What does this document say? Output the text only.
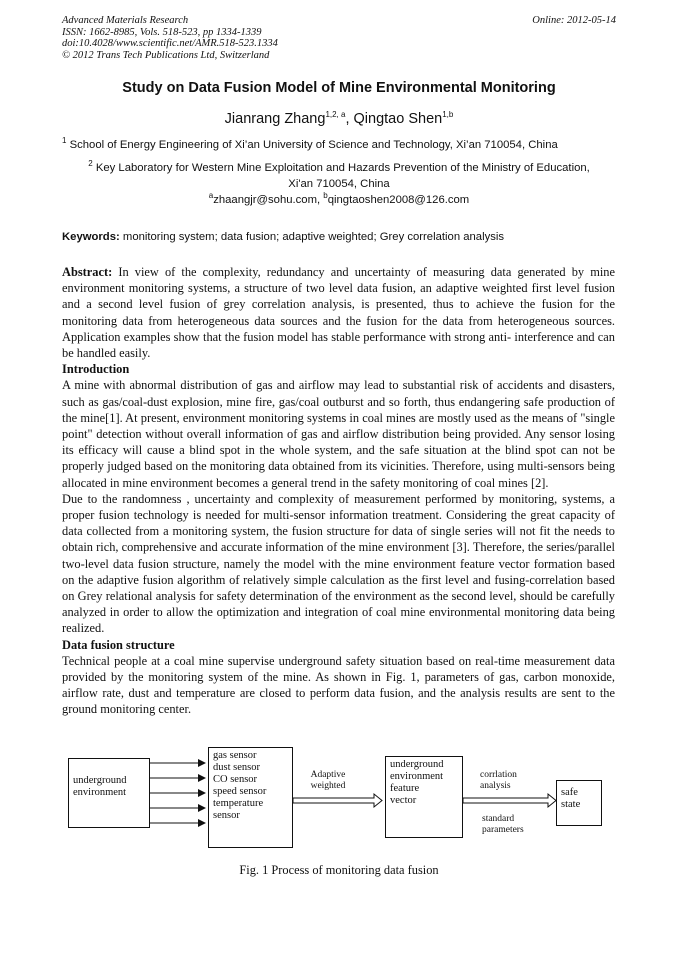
Advanced Materials Research
ISSN: 1662-8985, Vols. 518-523, pp 1334-1339
doi:10.4028/www.scientific.net/AMR.518-523.1334
© 2012 Trans Tech Publications Ltd, Switzerland
Online: 2012-05-14
Study on Data Fusion Model of Mine Environmental Monitoring
Jianrang Zhang$^{1,2, a}$, Qingtao Shen$^{1,b}$
$^1$ School of Energy Engineering of Xi’an University of Science and Technology, Xi’an 710054, China
$^2$ Key Laboratory for Western Mine Exploitation and Hazards Prevention of the Ministry of Education,
Xi'an 710054, China
$^a$zhaangjr@sohu.com, $^b$qingtaoshen2008@126.com
Keywords: monitoring system; data fusion; adaptive weighted; Grey correlation analysis

Abstract: In view of the complexity, redundancy and uncertainty of measuring data generated by mine environment monitoring systems, a structure of two level data fusion, an adaptive weighted first level fusion and a second level fusion of grey correlation analysis, is presented, thus to achieve the fusion for the monitoring data from heterogeneous data sources and the fusion for the data from heterogeneous sources. Application examples show that the fusion model has stable performance with strong anti- interference and can be handled easily.

Introduction

A mine with abnormal distribution of gas and airflow may lead to substantial risk of accidents and disasters, such as gas/coal-dust explosion, mine fire, gas/coal outburst and so forth, thus endangering safe production of the mine[1]. At present, environment monitoring systems in coal mines are mostly used as the means of "single point" detection without overall information of gas and airflow distribution being provided. Any sensor losing its efficacy will cause a blind spot in the whole system, and the safe situation at the blind spot can not be properly judged based on the monitoring data obtained from its vicinities. Therefore, using multi-sensors being allocated in mine environment becomes a general trend in the safety monitoring of coal mines [2].

Due to the randomness , uncertainty and complexity of measurement performed by monitoring, systems, a proper fusion technology is needed for multi-sensor information treatment. Considering the great capacity of data collected from a monitoring system, the fusion structure for data of single series will not fit the needs to obtain rich, comprehensive and accurate information of the mine environment [3]. Therefore, the series/parallel two-level data fusion structure, namely the model with the mine environment feature vector formation based on the adaptive fusion algorithm of relatively simple calculation as the first level and fusing-correlation based on Grey relational analysis for safety determination of the environment as the second level, should be carefully analyzed in order to allow the optimization and integration of coal mine environmental monitoring data being realized.

Data fusion structure

Technical people at a coal mine supervise underground safety situation based on real-time measurement data provided by the monitoring system of the mine. As shown in Fig. 1, parameters of gas, carbon monoxide, airflow rate, dust and temperature are closed to perform data fusion, and the analysis results are sent to the ground monitoring center.

underground
environment
gas sensor
dust sensor
CO sensor
speed sensor
temperature
sensor
Adaptive
weighted
underground
environment
feature
vector
corrlation
analysis
standard
parameters
safe
state
Fig. 1 Process of monitoring data fusion
